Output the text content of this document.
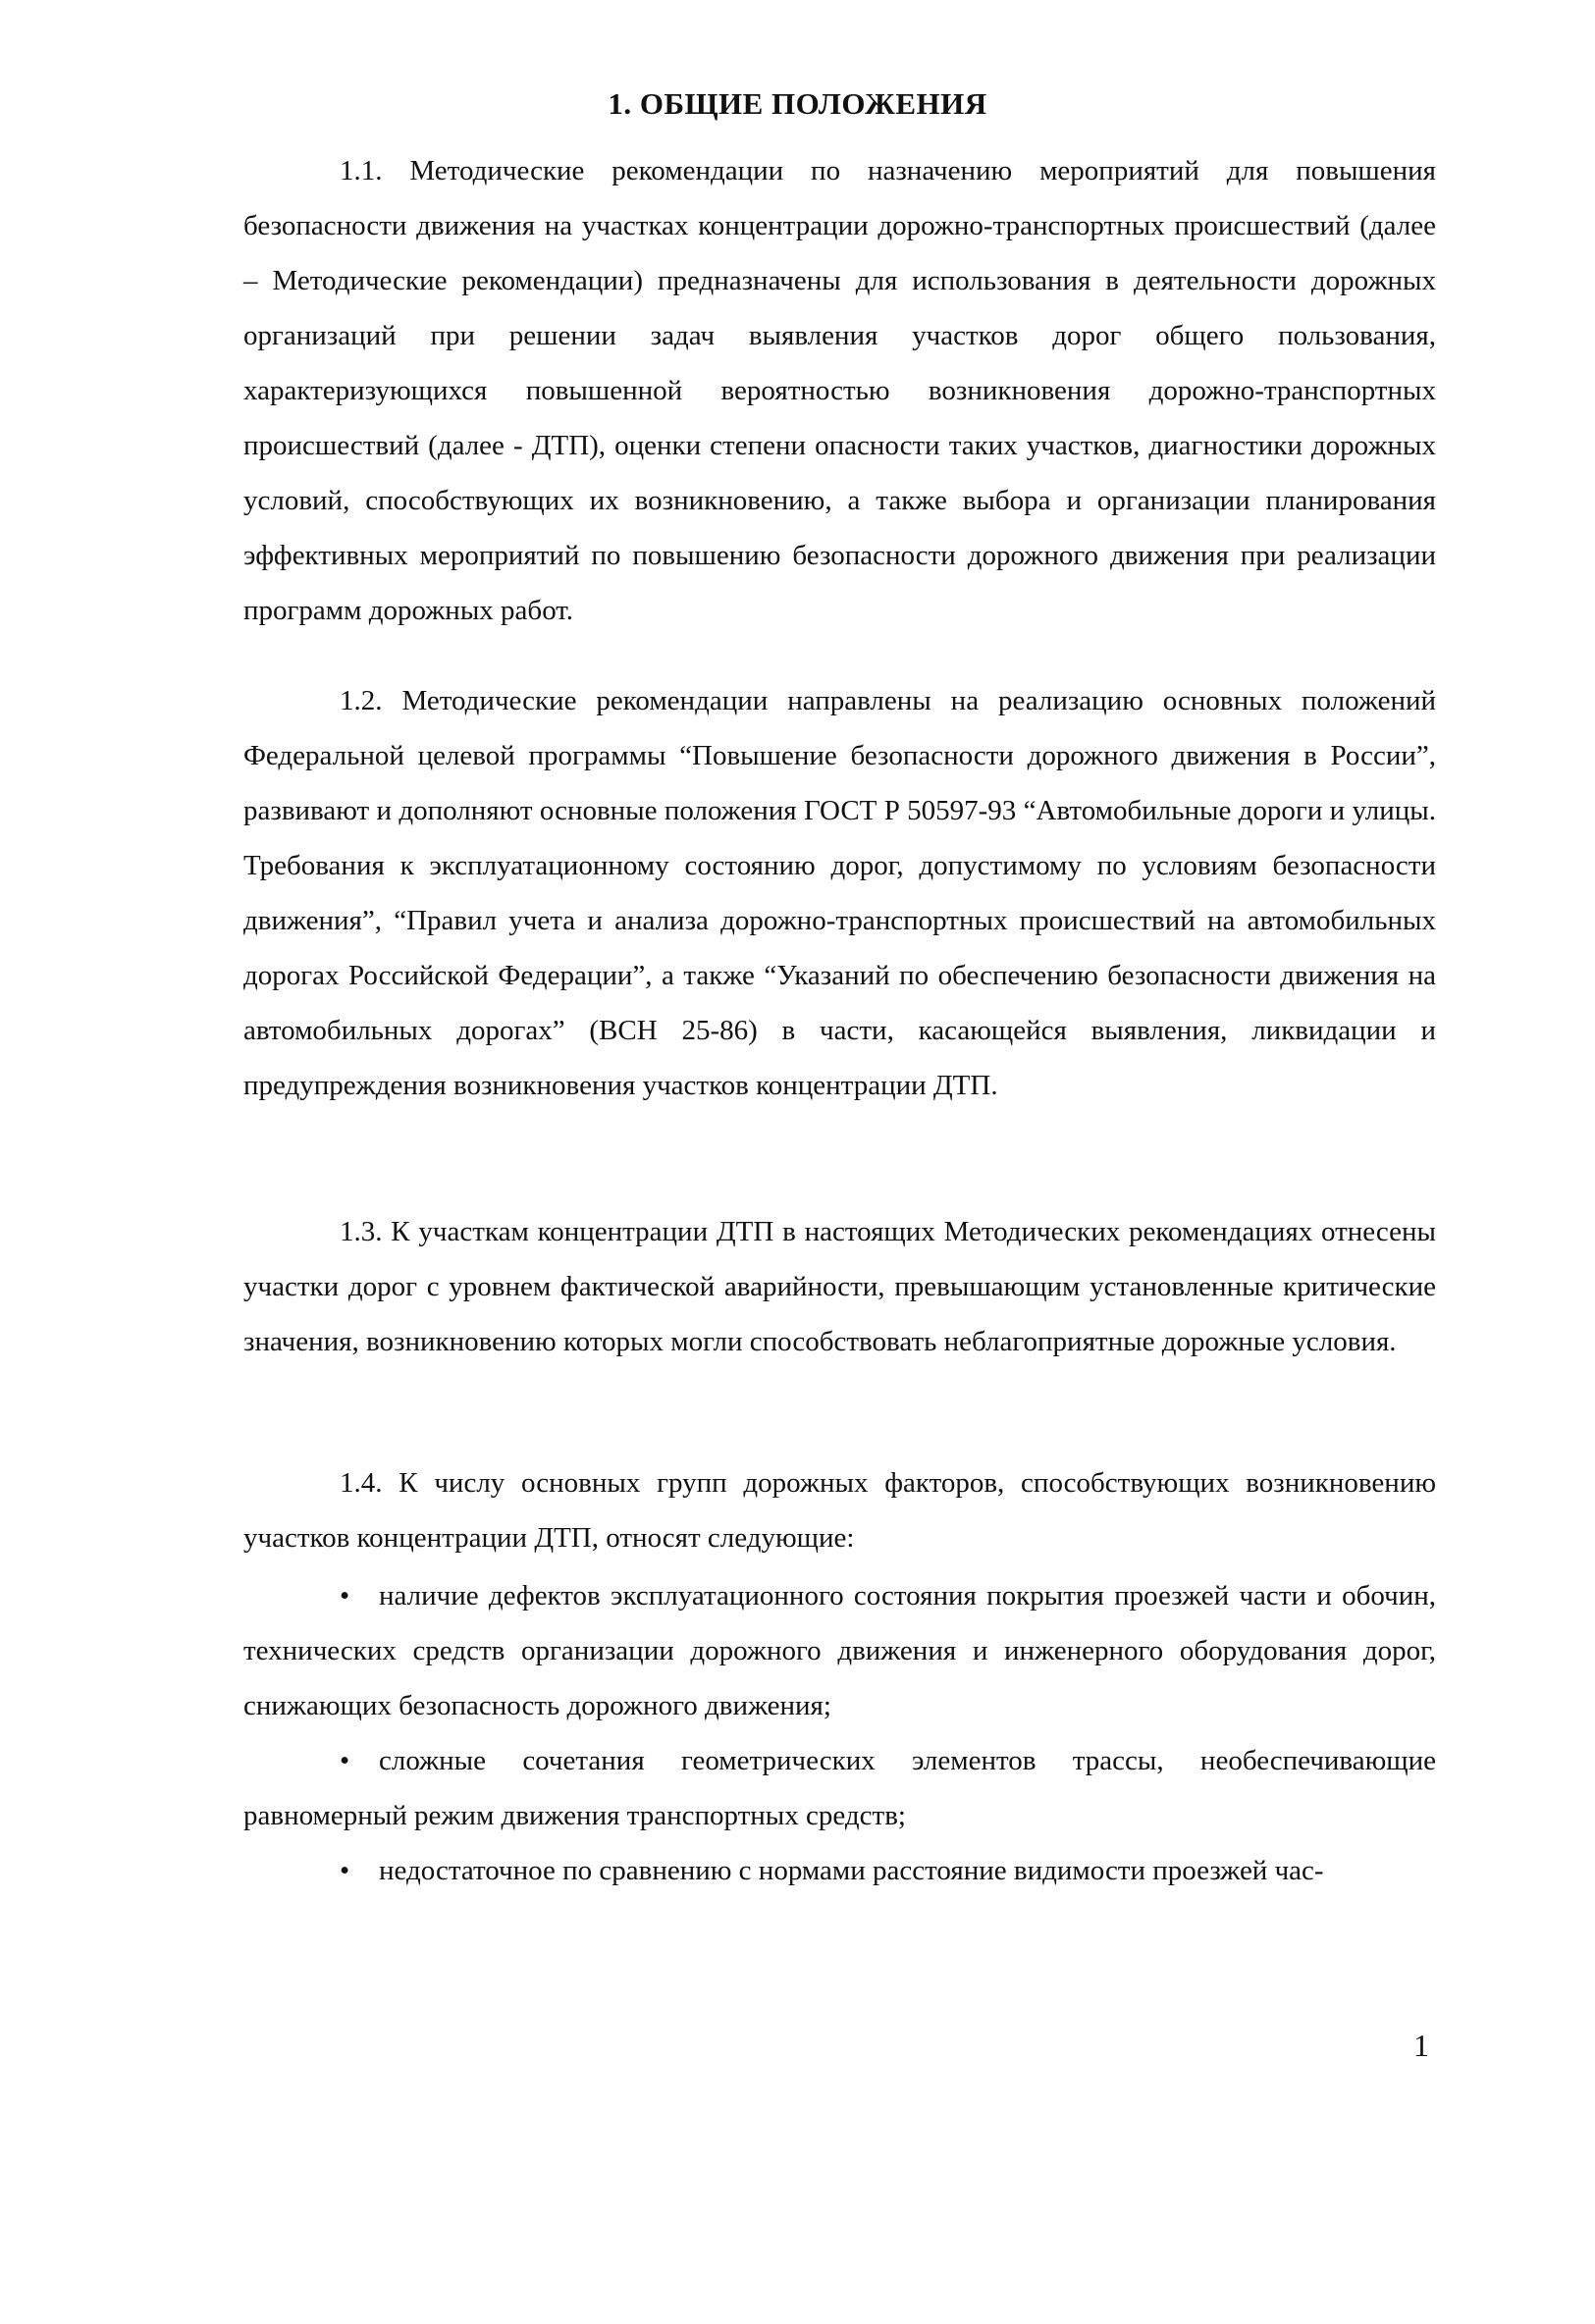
1. ОБЩИЕ ПОЛОЖЕНИЯ

1.1. Методические рекомендации по назначению мероприятий для повышения безопасности движения на участках концентрации дорожно-транспортных происшествий (далее – Методические рекомендации) предназначены для использования в деятельности дорожных организаций при решении задач выявления участков дорог общего пользования, характеризующихся повышенной вероятностью возникновения дорожно-транспортных происшествий (далее - ДТП), оценки степени опасности таких участков, диагностики дорожных условий, способствующих их возникновению, а также выбора и организации планирования эффективных мероприятий по повышению безопасности дорожного движения при реализации программ дорожных работ.

1.2. Методические рекомендации направлены на реализацию основных положений Федеральной целевой программы “Повышение безопасности дорожного движения в России”, развивают и дополняют основные положения ГОСТ Р 50597-93 “Автомобильные дороги и улицы. Требования к эксплуатационному состоянию дорог, допустимому по условиям безопасности движения”, “Правил учета и анализа дорожно-транспортных происшествий на автомобильных дорогах Российской Федерации”, а также “Указаний по обеспечению безопасности движения на автомобильных дорогах” (ВСН 25-86) в части, касающейся выявления, ликвидации и предупреждения возникновения участков концентрации ДТП.

1.3. К участкам концентрации ДТП в настоящих Методических рекомендациях отнесены участки дорог с уровнем фактической аварийности, превышающим установленные критические значения, возникновению которых могли способствовать неблагоприятные дорожные условия.

1.4. К числу основных групп дорожных факторов, способствующих возникновению участков концентрации ДТП, относят следующие:

• наличие дефектов эксплуатационного состояния покрытия проезжей части и обочин, технических средств организации дорожного движения и инженерного оборудования дорог, снижающих безопасность дорожного движения;
• сложные сочетания геометрических элементов трассы, необеспечивающие равномерный режим движения транспортных средств;
• недостаточное по сравнению с нормами расстояние видимости проезжей час-

1
